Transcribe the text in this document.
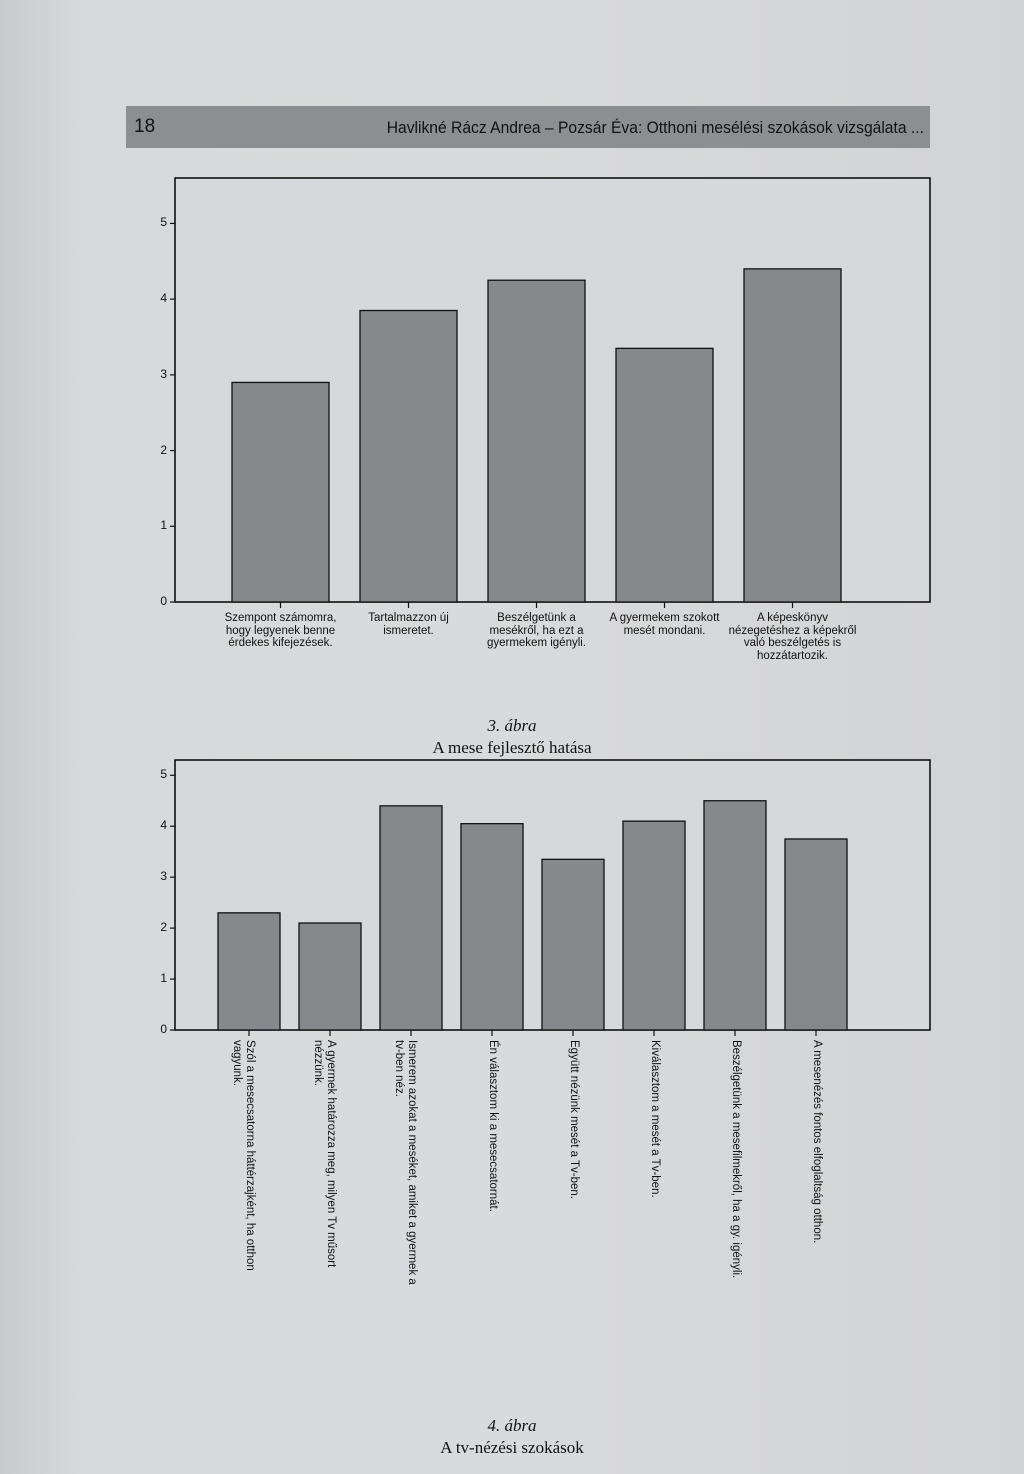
18	Havlikné Rácz Andrea – Pozsár Éva: Otthoni mesélési szokások vizsgálata ...
0
1
2
3
4
5
Szempont számomra, hogy legyenek benne érdekes kifejezések.
Tartalmazzon új ismeretet.
Beszélgetünk a mesékről, ha ezt a gyermekem igényli.
A gyermekem szokott mesét mondani.
A képeskönyv nézegetéshez a képekről való beszélgetés is hozzátartozik.
0
1
2
3
4
5
Szól a mesecsatorna háttérzajként, ha otthon vagyunk.	A gyermek határozza meg, milyen Tv műsort nézzünk.	Ismerem azokat a meséket, amiket a gyermek a tv-ben néz.	Én választom ki a mesecsatornát.	Együtt nézünk mesét a Tv-ben.	Kiválasztom a mesét a Tv-ben.	Beszélgetünk a mesefilmekről, ha a gy. igényli.	A mesenézés fontos elfoglaltság otthon.
3. ábra
A mese fejlesztő hatása
4. ábra
A tv-nézési szokások
